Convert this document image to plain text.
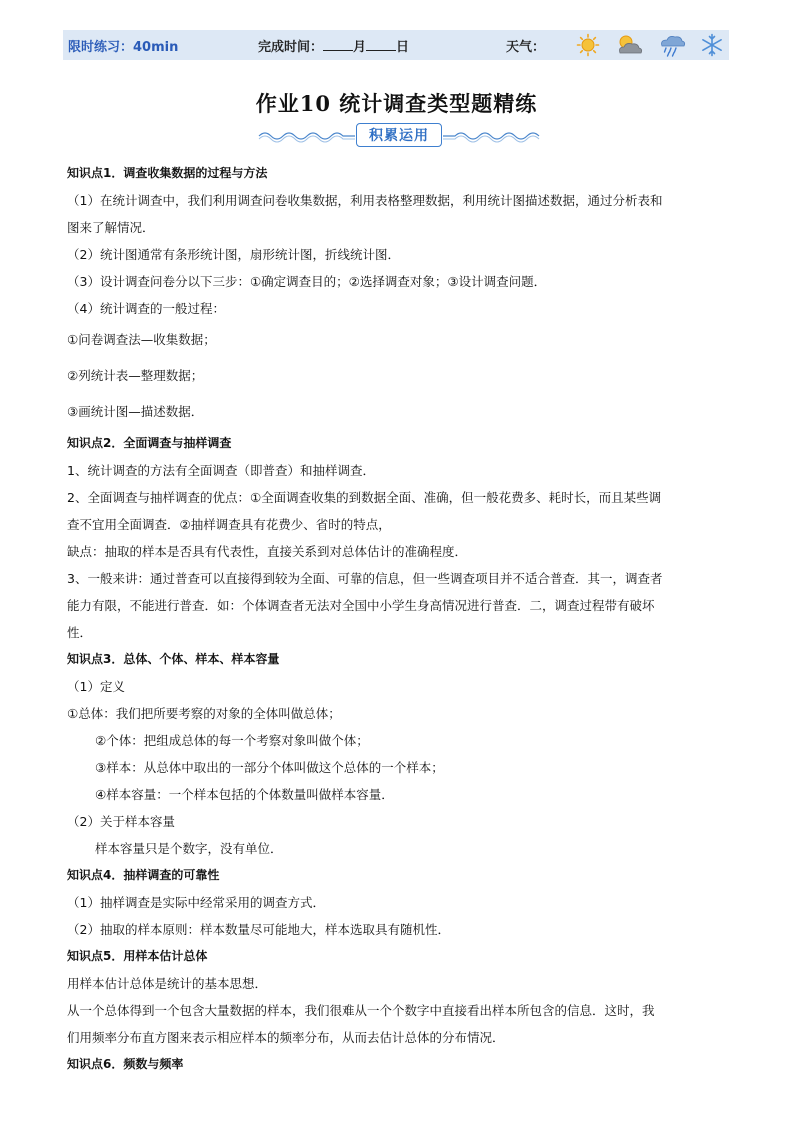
限时练习：40min	完成时间： 月 日	天气：
作业10 统计调查类型题精练
积累运用
知识点1．调查收集数据的过程与方法
（1）在统计调查中，我们利用调查问卷收集数据，利用表格整理数据，利用统计图描述数据，通过分析表和
图来了解情况．
（2）统计图通常有条形统计图，扇形统计图，折线统计图．
（3）设计调查问卷分以下三步：①确定调查目的；②选择调查对象；③设计调查问题．
（4）统计调查的一般过程：
①问卷调查法—收集数据；
②列统计表—整理数据；
③画统计图—描述数据．
知识点2．全面调查与抽样调查
1、统计调查的方法有全面调查（即普查）和抽样调查．
2、全面调查与抽样调查的优点：①全面调查收集的到数据全面、准确，但一般花费多、耗时长，而且某些调
查不宜用全面调查．②抽样调查具有花费少、省时的特点，
缺点：抽取的样本是否具有代表性，直接关系到对总体估计的准确程度．
3、一般来讲：通过普查可以直接得到较为全面、可靠的信息，但一些调查项目并不适合普查．其一，调查者
能力有限，不能进行普查．如：个体调查者无法对全国中小学生身高情况进行普查．二，调查过程带有破坏
性．
知识点3．总体、个体、样本、样本容量
（1）定义
①总体：我们把所要考察的对象的全体叫做总体；
②个体：把组成总体的每一个考察对象叫做个体；
③样本：从总体中取出的一部分个体叫做这个总体的一个样本；
④样本容量：一个样本包括的个体数量叫做样本容量．
（2）关于样本容量
样本容量只是个数字，没有单位．
知识点4．抽样调查的可靠性
（1）抽样调查是实际中经常采用的调查方式．
（2）抽取的样本原则：样本数量尽可能地大，样本选取具有随机性．
知识点5．用样本估计总体
用样本估计总体是统计的基本思想．
从一个总体得到一个包含大量数据的样本，我们很难从一个个数字中直接看出样本所包含的信息．这时，我
们用频率分布直方图来表示相应样本的频率分布，从而去估计总体的分布情况．
知识点6．频数与频率
